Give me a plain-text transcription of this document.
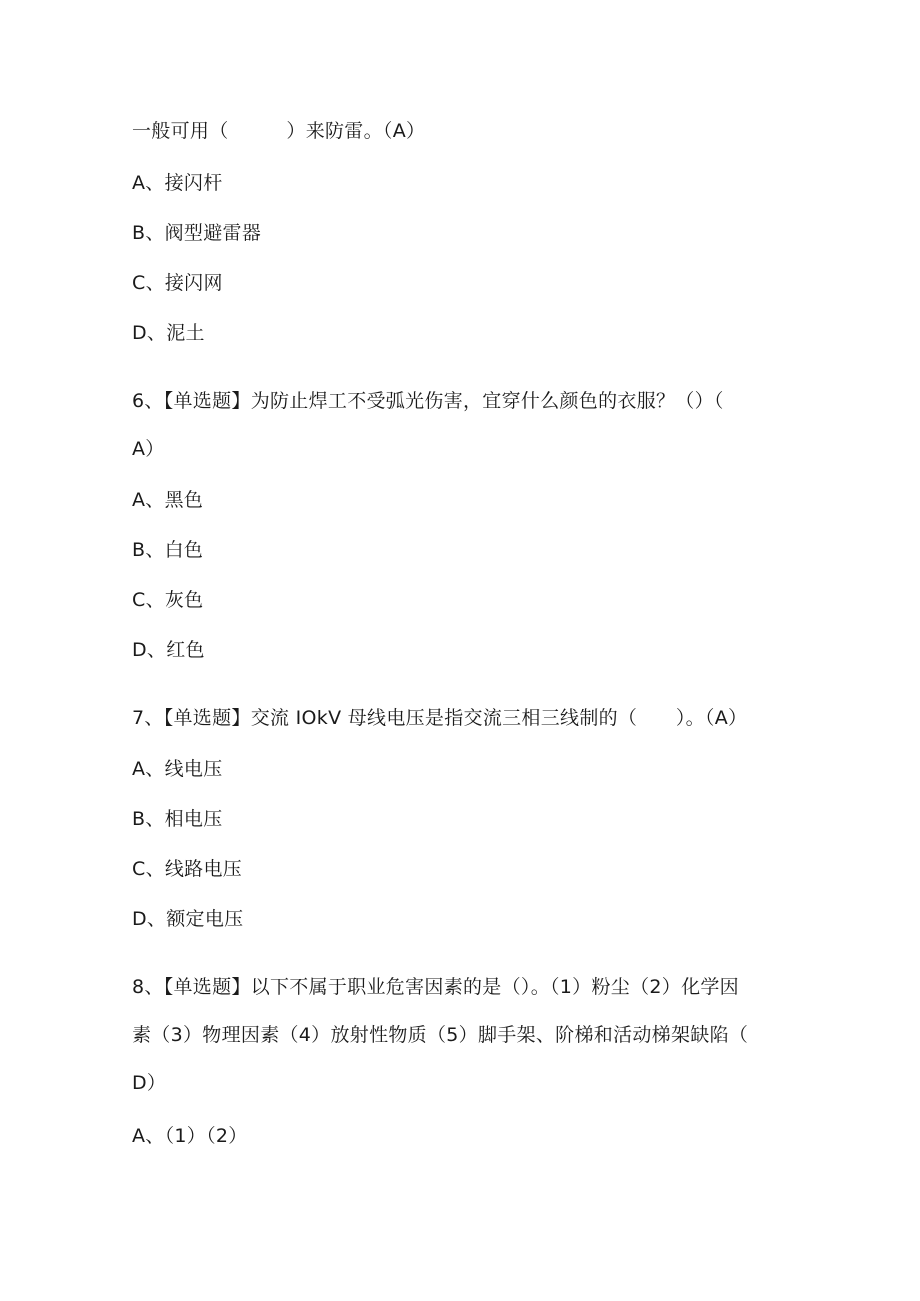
一般可用（　　　）来防雷。（A）
A、接闪杆
B、阀型避雷器
C、接闪网
D、泥土
6、【单选题】为防止焊工不受弧光伤害，宜穿什么颜色的衣服？（）（
A）
A、黑色
B、白色
C、灰色
D、红色
7、【单选题】交流 IOkV 母线电压是指交流三相三线制的（　　）。（A）
A、线电压
B、相电压
C、线路电压
D、额定电压
8、【单选题】以下不属于职业危害因素的是（）。（1）粉尘（2）化学因
素（3）物理因素（4）放射性物质（5）脚手架、阶梯和活动梯架缺陷（
D）
A、（1）（2）
